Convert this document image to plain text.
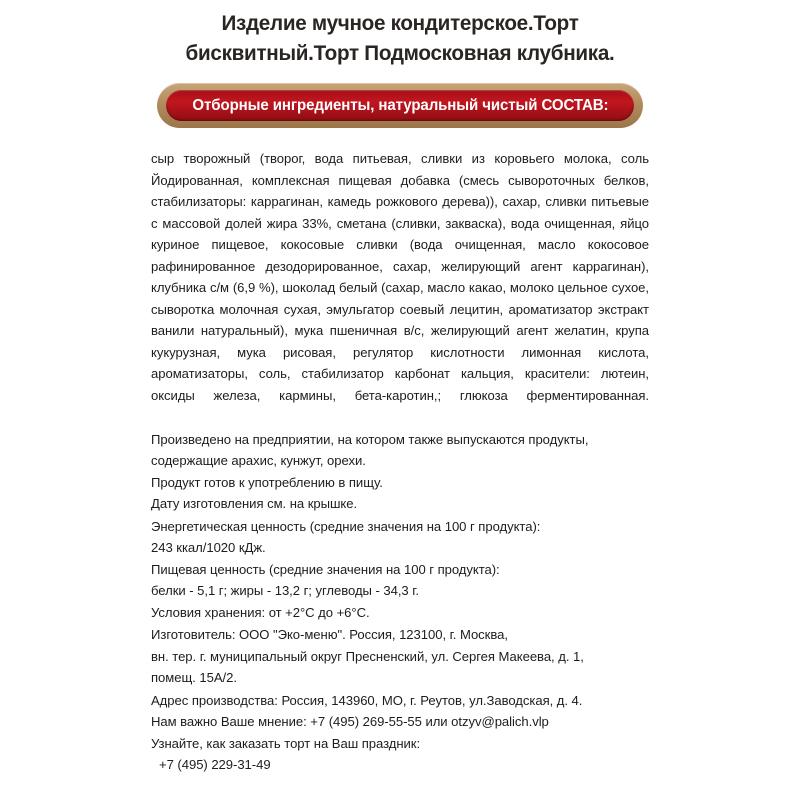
Изделие мучное кондитерское.Торт
бисквитный.Торт Подмосковная клубника.
Отборные ингредиенты, натуральный чистый СОСТАВ:

сыр творожный (творог, вода питьевая, сливки из коровьего молока, соль Йодированная, комплексная пищевая добавка (смесь сывороточных белков, стабилизаторы: каррагинан, камедь рожкового дерева)), сахар, сливки питьевые с массовой долей жира 33%, сметана (сливки, закваска), вода очищенная, яйцо куриное пищевое, кокосовые сливки (вода очищенная, масло кокосовое рафинированное дезодорированное, сахар, желирующий агент каррагинан), клубника с/м (6,9 %), шоколад белый (сахар, масло какао, молоко цельное сухое, сыворотка молочная сухая, эмульгатор соевый лецитин, ароматизатор экстракт ванили натуральный), мука пшеничная в/с, желирующий агент желатин, крупа кукурузная, мука рисовая, регулятор кислотности лимонная кислота, ароматизаторы, соль, стабилизатор карбонат кальция, красители: лютеин, оксиды железа, кармины, бета-каротин,; глюкоза ферментированная.

Произведено на предприятии, на котором также выпускаются продукты,

содержащие арахис, кунжут, орехи.

Продукт готов к употреблению в пищу.

Дату изготовления см. на крышке.

Энергетическая ценность (средние значения на 100 г продукта):

243 ккал/1020 кДж.

Пищевая ценность (средние значения на 100 г продукта):

белки - 5,1 г; жиры - 13,2 г; углеводы - 34,3 г.

Условия хранения: от +2°С до +6°С.

Изготовитель: ООО "Эко-меню". Россия, 123100, г. Москва,

вн. тер. г. муниципальный округ Пресненский, ул. Сергея Макеева, д. 1,

помещ. 15А/2.

Адрес производства: Россия, 143960, МО, г. Реутов, ул.Заводская, д. 4.

Нам важно Ваше мнение: +7 (495) 269-55-55 или otzyv@palich.vlp

Узнайте, как заказать торт на Ваш праздник:

+7 (495) 229-31-49
